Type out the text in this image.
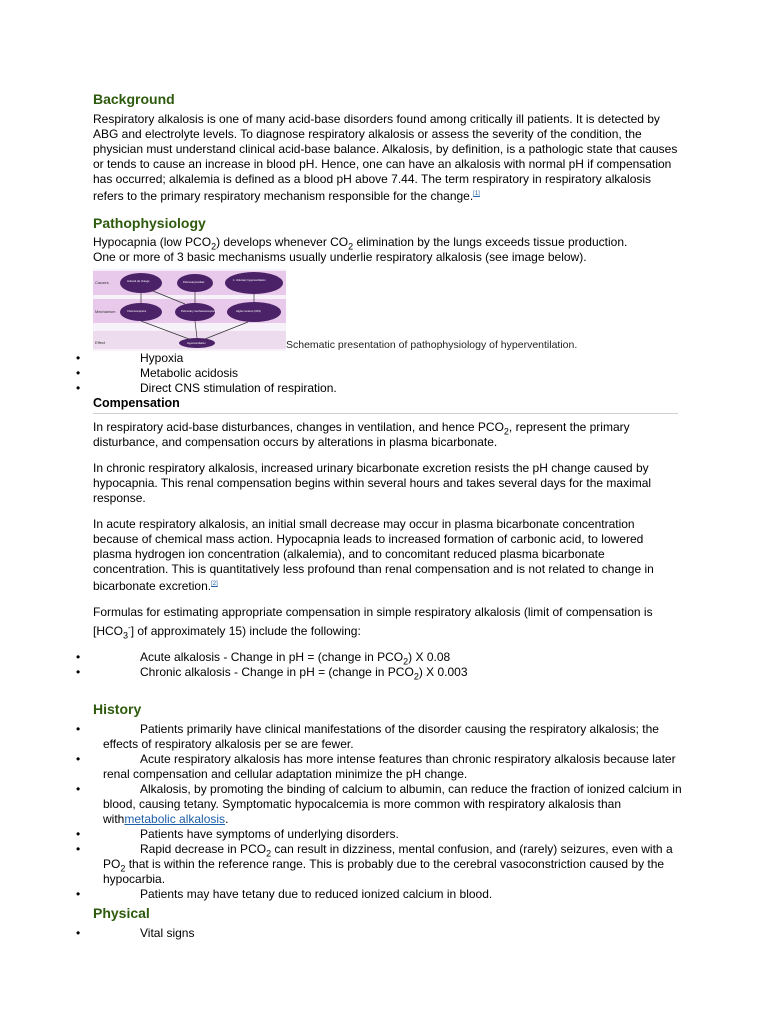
Background

Respiratory alkalosis is one of many acid-base disorders found among critically ill patients. It is detected by ABG and electrolyte levels. To diagnose respiratory alkalosis or assess the severity of the condition, the physician must understand clinical acid-base balance. Alkalosis, by definition, is a pathologic state that causes or tends to cause an increase in blood pH. Hence, one can have an alkalosis with normal pH if compensation has occurred; alkalemia is defined as a blood pH above 7.44. The term respiratory in respiratory alkalosis refers to the primary respiratory mechanism responsible for the change.[1]

Pathophysiology

Hypocapnia (low $PCO_2$) develops whenever $CO_2$ elimination by the lungs exceeds tissue production.
One or more of 3 basic mechanisms usually underlie respiratory alkalosis (see image below).

Causes
Mechanism
Effect
Induced pH change	Pulmonary/cardiac
1. Voluntary hyperventilation
Chemoreceptors	Pulmonary mechanoreceptors	Higher centers (CNS)
Hyperventilation	Schematic presentation of pathophysiology of hyperventilation.
•	Hypoxia
•	Metabolic acidosis
•	Direct CNS stimulation of respiration.
Compensation

In respiratory acid-base disturbances, changes in ventilation, and hence $PCO_2$, represent the primary disturbance, and compensation occurs by alterations in plasma bicarbonate.

In chronic respiratory alkalosis, increased urinary bicarbonate excretion resists the pH change caused by hypocapnia. This renal compensation begins within several hours and takes several days for the maximal response.

In acute respiratory alkalosis, an initial small decrease may occur in plasma bicarbonate concentration because of chemical mass action. Hypocapnia leads to increased formation of carbonic acid, to lowered plasma hydrogen ion concentration (alkalemia), and to concomitant reduced plasma bicarbonate concentration. This is quantitatively less profound than renal compensation and is not related to change in bicarbonate excretion.[2]

Formulas for estimating appropriate compensation in simple respiratory alkalosis (limit of compensation is $[HCO_3^-]$ of approximately 15) include the following:

•	Acute alkalosis - Change in pH = (change in $PCO_2$) X 0.08
•	Chronic alkalosis - Change in pH = (change in $PCO_2$) X 0.003
History
•	Patients primarily have clinical manifestations of the disorder causing the respiratory alkalosis; the effects of respiratory alkalosis per se are fewer.
•	Acute respiratory alkalosis has more intense features than chronic respiratory alkalosis because later renal compensation and cellular adaptation minimize the pH change.
•	Alkalosis, by promoting the binding of calcium to albumin, can reduce the fraction of ionized calcium in blood, causing tetany. Symptomatic hypocalcemia is more common with respiratory alkalosis than withmetabolic alkalosis.
•	Patients have symptoms of underlying disorders.
•	Rapid decrease in $PCO_2$ can result in dizziness, mental confusion, and (rarely) seizures, even with a $PO_2$ that is within the reference range. This is probably due to the cerebral vasoconstriction caused by the hypocarbia.
•	Patients may have tetany due to reduced ionized calcium in blood.
Physical
•	Vital signs
